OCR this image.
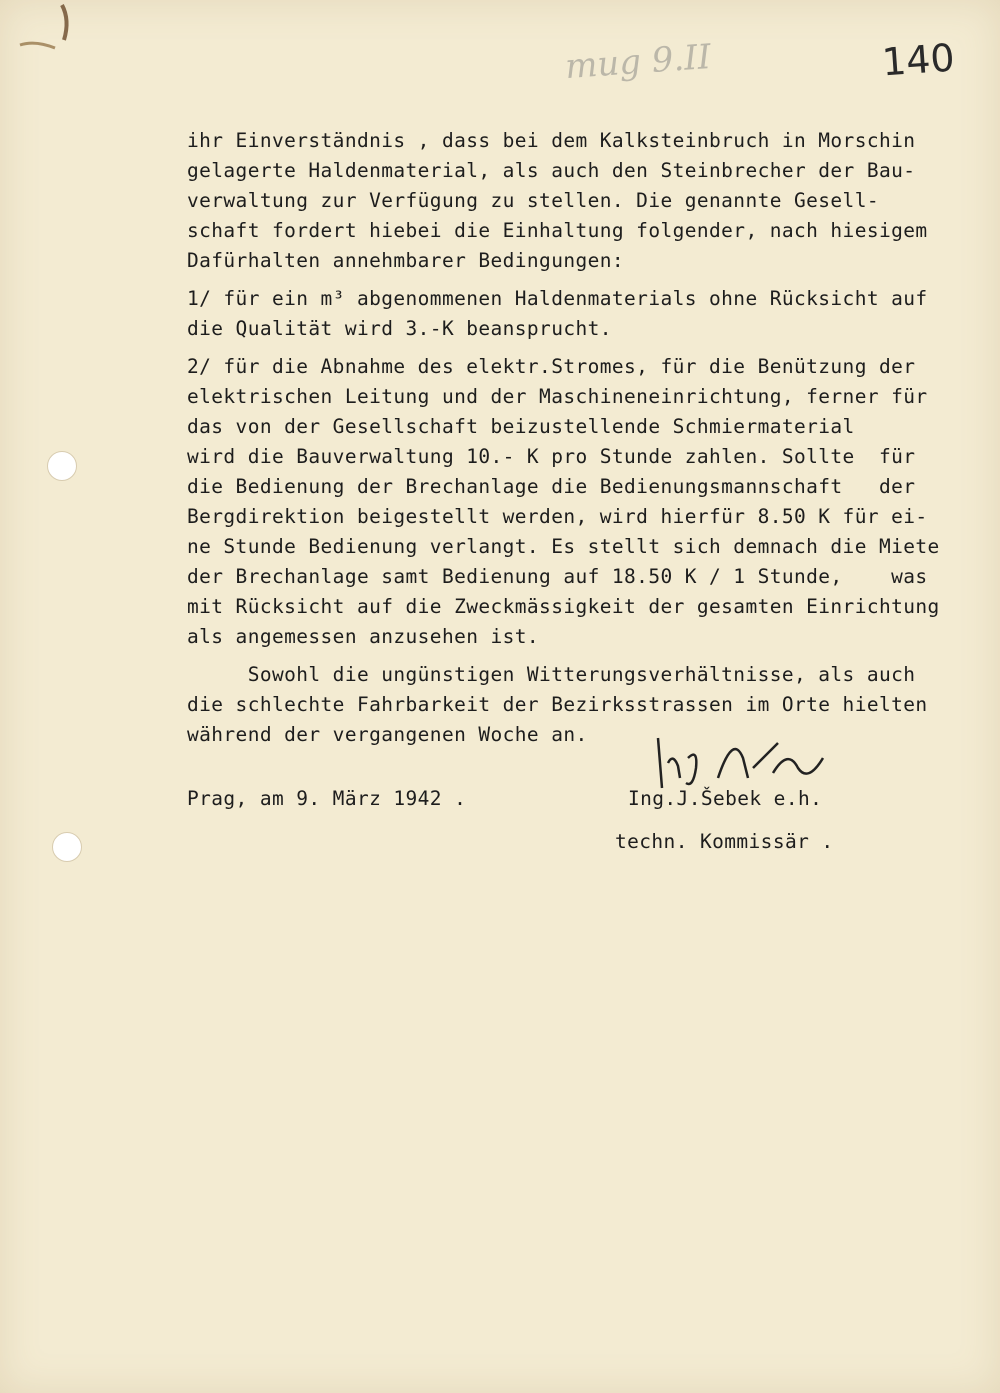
mug 9.II	140
ihr Einverständnis , dass bei dem Kalksteinbruch in Morschin
gelagerte Haldenmaterial, als auch den Steinbrecher der Bau-
verwaltung zur Verfügung zu stellen. Die genannte Gesell-
schaft fordert hiebei die Einhaltung folgender, nach hiesigem
Dafürhalten annehmbarer Bedingungen:
1/ für ein m³ abgenommenen Haldenmaterials ohne Rücksicht auf
die Qualität wird 3.-K beansprucht.
2/ für die Abnahme des elektr.Stromes, für die Benützung der
elektrischen Leitung und der Maschineneinrichtung, ferner für
das von der Gesellschaft beizustellende Schmiermaterial
wird die Bauverwaltung 10.- K pro Stunde zahlen. Sollte  für
die Bedienung der Brechanlage die Bedienungsmannschaft   der
Bergdirektion beigestellt werden, wird hierfür 8.50 K für ei-
ne Stunde Bedienung verlangt. Es stellt sich demnach die Miete
der Brechanlage samt Bedienung auf 18.50 K / 1 Stunde,    was
mit Rücksicht auf die Zweckmässigkeit der gesamten Einrichtung
als angemessen anzusehen ist.
Sowohl die ungünstigen Witterungsverhältnisse, als auch
die schlechte Fahrbarkeit der Bezirksstrassen im Orte hielten
während der vergangenen Woche an.
Prag, am 9. März 1942 .	Ing.J.Šebek e.h.
techn. Kommissär .
